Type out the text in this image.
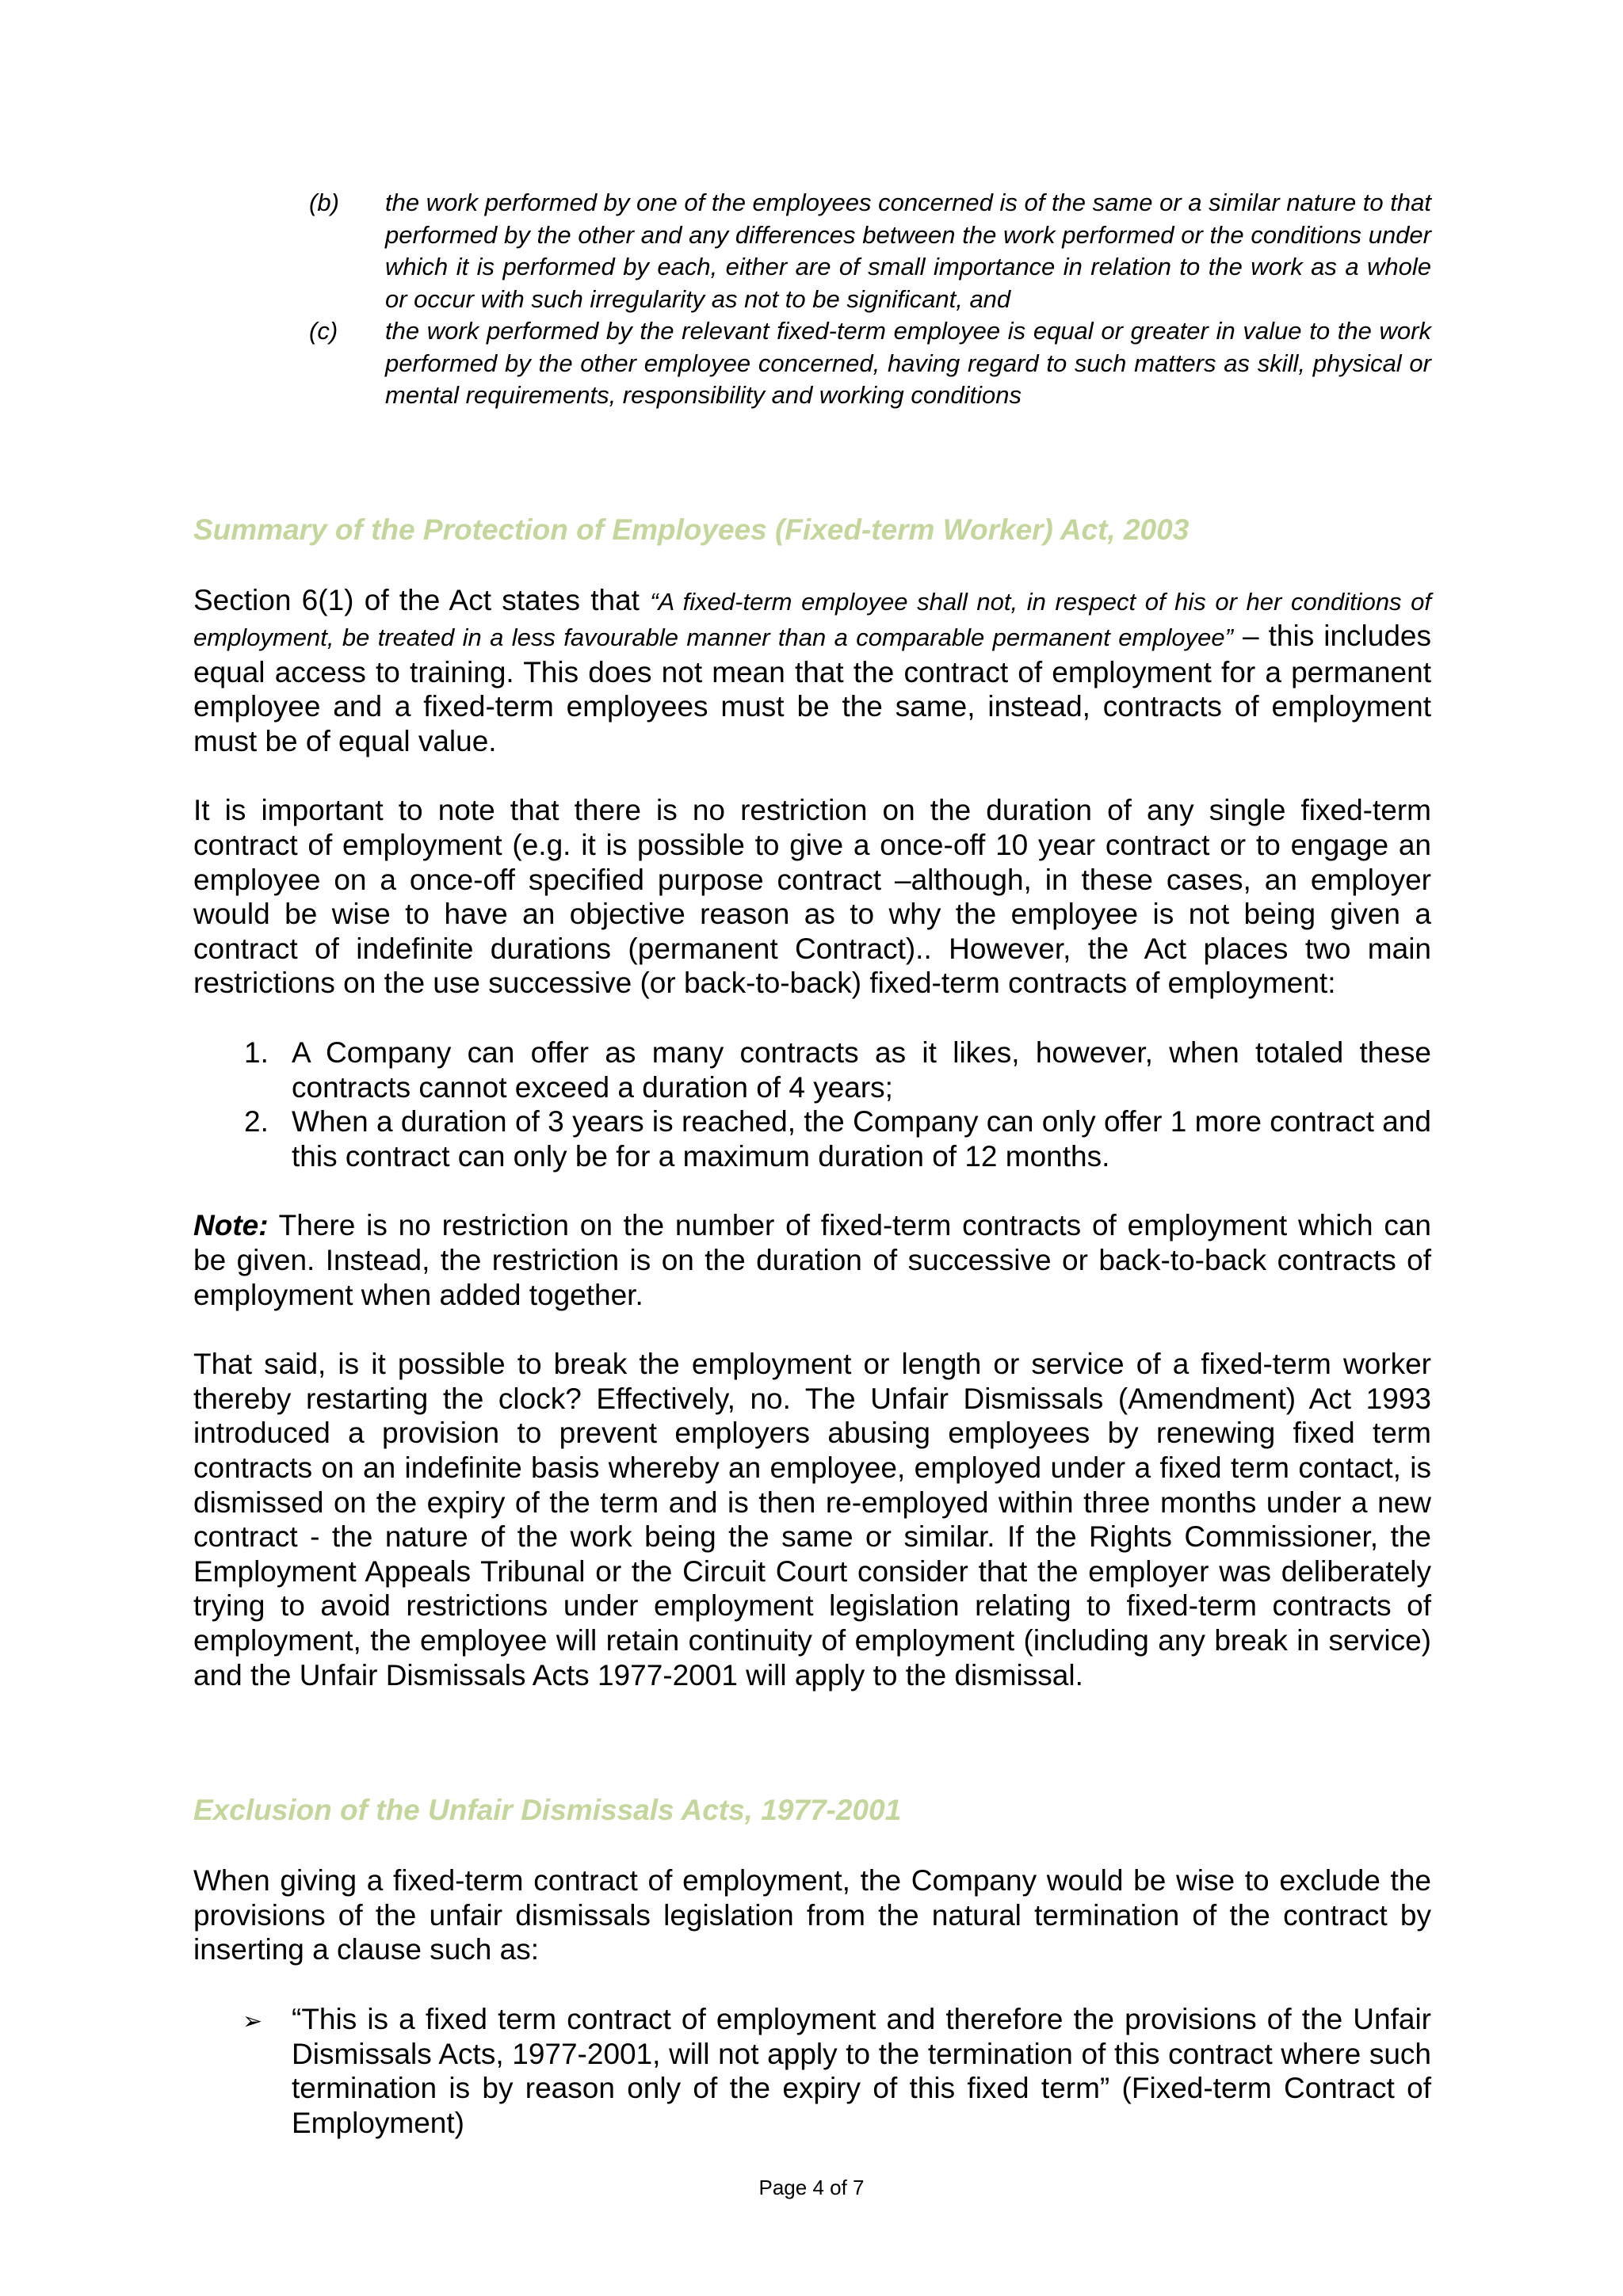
(b)	the work performed by one of the employees concerned is of the same or a similar nature to that performed by the other and any differences between the work performed or the conditions under which it is performed by each, either are of small importance in relation to the work as a whole or occur with such irregularity as not to be significant, and
(c)	the work performed by the relevant fixed-term employee is equal or greater in value to the work performed by the other employee concerned, having regard to such matters as skill, physical or mental requirements, responsibility and working conditions
Summary of the Protection of Employees (Fixed-term Worker) Act, 2003

Section 6(1) of the Act states that “A fixed-term employee shall not, in respect of his or her conditions of employment, be treated in a less favourable manner than a comparable permanent employee” – this includes equal access to training. This does not mean that the contract of employment for a permanent employee and a fixed-term employees must be the same, instead, contracts of employment must be of equal value.

It is important to note that there is no restriction on the duration of any single fixed-term contract of employment (e.g. it is possible to give a once-off 10 year contract or to engage an employee on a once-off specified purpose contract –although, in these cases, an employer would be wise to have an objective reason as to why the employee is not being given a contract of indefinite durations (permanent Contract).. However, the Act places two main restrictions on the use successive (or back-to-back) fixed-term contracts of employment:

1. A Company can offer as many contracts as it likes, however, when totaled these contracts cannot exceed a duration of 4 years;
2. When a duration of 3 years is reached, the Company can only offer 1 more contract and this contract can only be for a maximum duration of 12 months.

Note: There is no restriction on the number of fixed-term contracts of employment which can be given. Instead, the restriction is on the duration of successive or back-to-back contracts of employment when added together.

That said, is it possible to break the employment or length or service of a fixed-term worker thereby restarting the clock? Effectively, no. The Unfair Dismissals (Amendment) Act 1993 introduced a provision to prevent employers abusing employees by renewing fixed term contracts on an indefinite basis whereby an employee, employed under a fixed term contact, is dismissed on the expiry of the term and is then re-employed within three months under a new contract - the nature of the work being the same or similar. If the Rights Commissioner, the Employment Appeals Tribunal or the Circuit Court consider that the employer was deliberately trying to avoid restrictions under employment legislation relating to fixed-term contracts of employment, the employee will retain continuity of employment (including any break in service) and the Unfair Dismissals Acts 1977-2001 will apply to the dismissal.

Exclusion of the Unfair Dismissals Acts, 1977-2001

When giving a fixed-term contract of employment, the Company would be wise to exclude the provisions of the unfair dismissals legislation from the natural termination of the contract by inserting a clause such as:

➢ “This is a fixed term contract of employment and therefore the provisions of the Unfair Dismissals Acts, 1977-2001, will not apply to the termination of this contract where such termination is by reason only of the expiry of this fixed term” (Fixed-term Contract of Employment)
Page 4 of 7
